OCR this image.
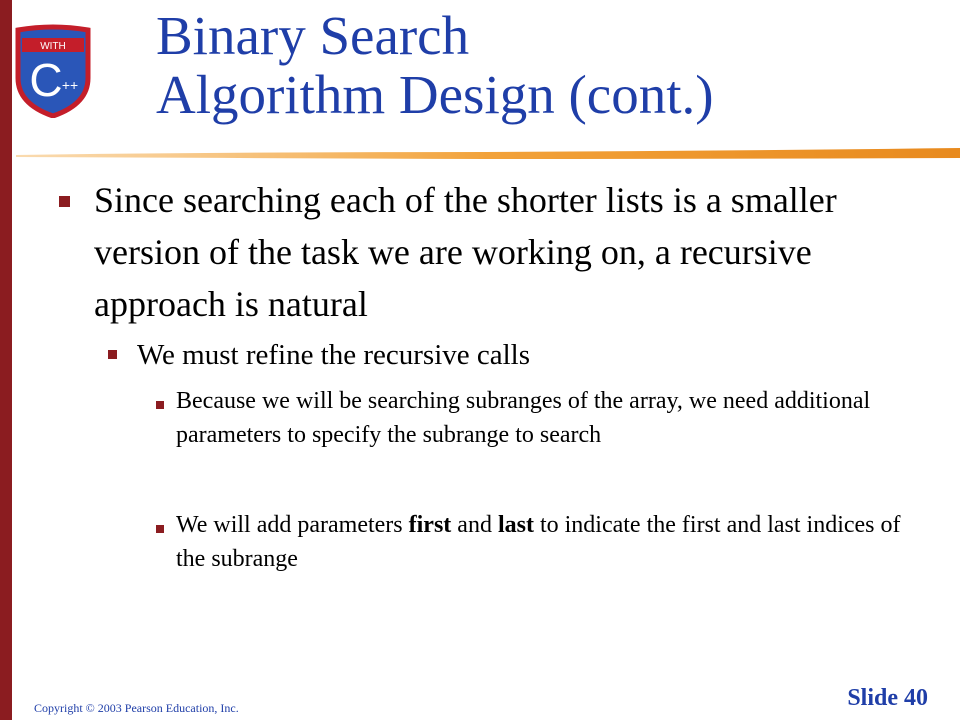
WITH
C ++
Binary Search
Algorithm Design (cont.)
Since searching each of the shorter lists is a smaller version of the task we are working on, a recursive approach is natural
We must refine the recursive calls
Because we will be searching subranges of the array, we need additional parameters to specify the subrange to search
We will add parameters first and last to indicate the first and last indices of the subrange
Copyright © 2003 Pearson Education, Inc.	Slide 40
